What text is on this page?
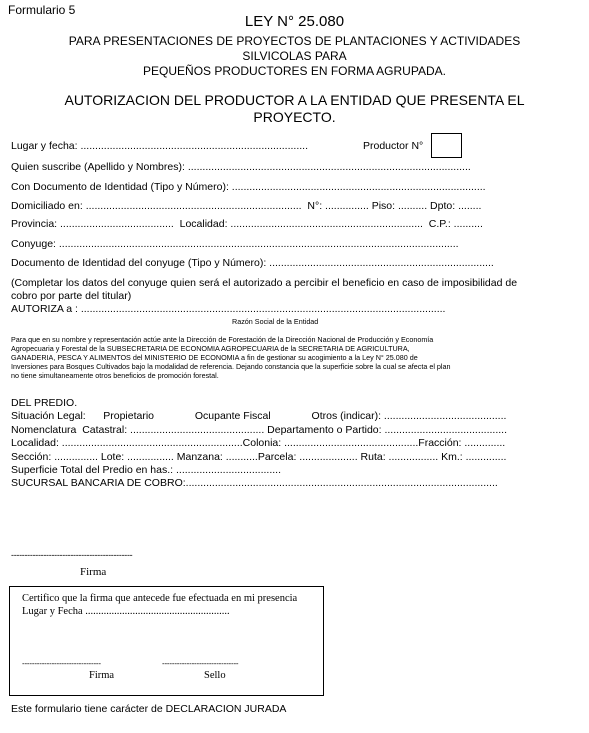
Formulario 5
LEY N° 25.080
PARA PRESENTACIONES DE PROYECTOS DE PLANTACIONES Y ACTIVIDADES
SILVICOLAS PARA
PEQUEÑOS PRODUCTORES EN FORMA AGRUPADA.
AUTORIZACION DEL PRODUCTOR A LA ENTIDAD QUE PRESENTA EL
PROYECTO.
Lugar y fecha: ..............................................................................	Productor N°
Quien suscribe (Apellido y Nombres): .................................................................................................
Con Documento de Identidad (Tipo y Número): .......................................................................................
Domiciliado en: ..........................................................................  N°: ............... Piso: .......... Dpto: ........
Provincia: .......................................  Localidad: ..................................................................  C.P.: ..........
Conyuge: .........................................................................................................................................
Documento de Identidad del conyuge (Tipo y Número): .............................................................................
(Completar los datos del conyuge quien será el autorizado a percibir el beneficio en caso de imposibilidad de
cobro por parte del titular)
AUTORIZA a : .............................................................................................................................
Razón Social de la Entidad
Para que en su nombre y representación actúe ante la Dirección de Forestación de la Dirección Nacional de Producción y Economía
Agropecuaria y Forestal de la SUBSECRETARIA DE ECONOMIA AGROPECUARIA de la SECRETARIA DE AGRICULTURA,
GANADERIA, PESCA Y ALIMENTOS del MINISTERIO DE ECONOMIA a fin de gestionar su acogimiento a la Ley N° 25.080 de
Inversiones para Bosques Cultivados bajo la modalidad de referencia. Dejando constancia que la superficie sobre la cual se afecta el plan
no tiene simultaneamente otros beneficios de promoción forestal.
DEL PREDIO.
Situación Legal:      Propietario              Ocupante Fiscal              Otros (indicar): ..........................................
Nomenclatura  Catastral: .............................................. Departamento o Partido: ..........................................
Localidad: ..............................................................Colonia: ..............................................Fracción: ..............
Sección: ............... Lote: ................ Manzana: ...........Parcela: .................... Ruta: ................. Km.: ..............
Superficie Total del Predio en has.: ....................................
SUCURSAL BANCARIA DE COBRO:...........................................................................................................
---------------------------------------------
Firma
Certifico que la firma que antecede fue efectuada en mi presencia
Lugar y Fecha .......................................................
--------------------------------	-------------------------------
Firma	Sello
Este formulario tiene carácter de DECLARACION JURADA
